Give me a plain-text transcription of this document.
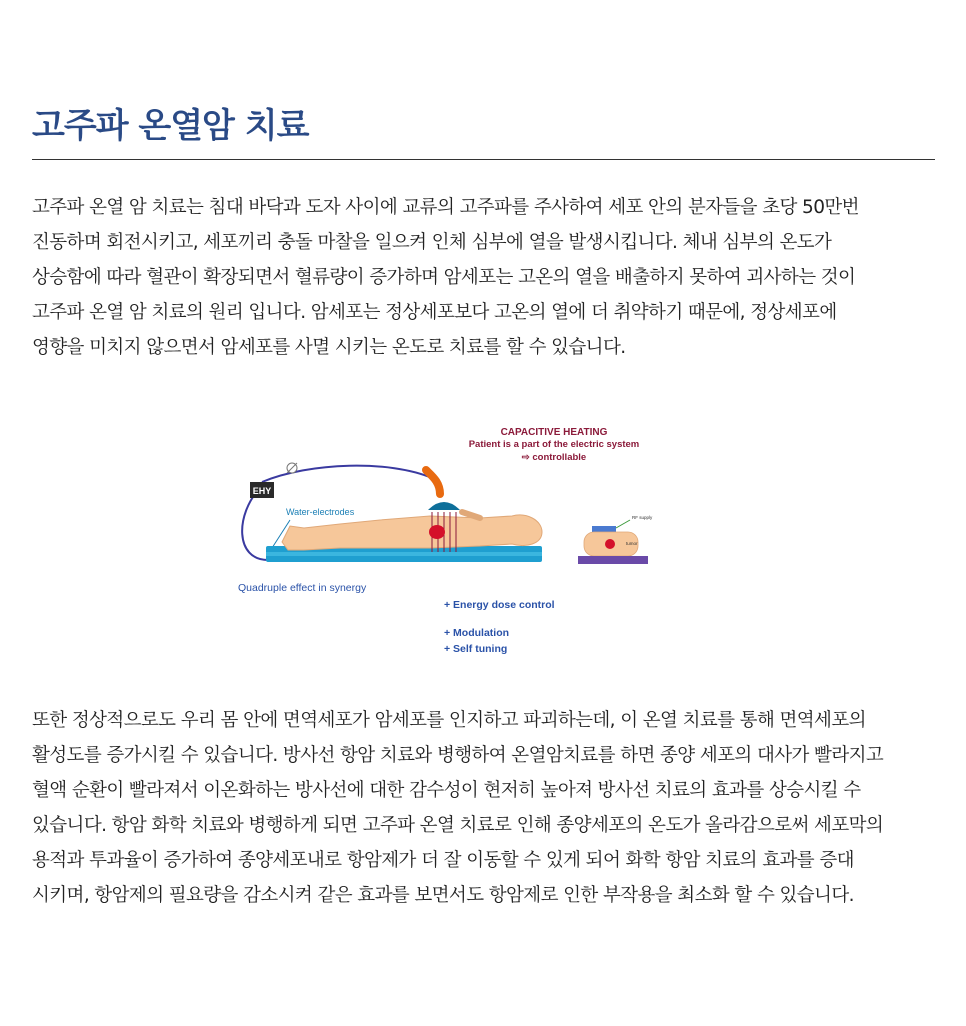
고주파 온열암 치료
고주파 온열 암 치료는 침대 바닥과 도자 사이에 교류의 고주파를 주사하여 세포 안의 분자들을 초당 50만번
진동하며 회전시키고, 세포끼리 충돌 마찰을 일으켜 인체 심부에 열을 발생시킵니다. 체내 심부의 온도가
상승함에 따라 혈관이 확장되면서 혈류량이 증가하며 암세포는 고온의 열을 배출하지 못하여 괴사하는 것이
고주파 온열 암 치료의 원리 입니다. 암세포는 정상세포보다 고온의 열에 더 취약하기 때문에, 정상세포에
영향을 미치지 않으면서 암세포를 사멸 시키는 온도로 치료를 할 수 있습니다.
CAPACITIVE HEATING
Patient is a part of the electric system
⇨ controllable
EHY
Water-electrodes
RF supply
tumor
Quadruple effect in synergy
+ Energy dose control
+ Modulation
+ Self tuning
또한 정상적으로도 우리 몸 안에 면역세포가 암세포를 인지하고 파괴하는데, 이 온열 치료를 통해 면역세포의
활성도를 증가시킬 수 있습니다. 방사선 항암 치료와 병행하여 온열암치료를 하면 종양 세포의 대사가 빨라지고
혈액 순환이 빨라져서 이온화하는 방사선에 대한 감수성이 현저히 높아져 방사선 치료의 효과를 상승시킬 수
있습니다. 항암 화학 치료와 병행하게 되면 고주파 온열 치료로 인해 종양세포의 온도가 올라감으로써 세포막의
용적과 투과율이 증가하여 종양세포내로 항암제가 더 잘 이동할 수 있게 되어 화학 항암 치료의 효과를 증대
시키며, 항암제의 필요량을 감소시켜 같은 효과를 보면서도 항암제로 인한 부작용을 최소화 할 수 있습니다.
